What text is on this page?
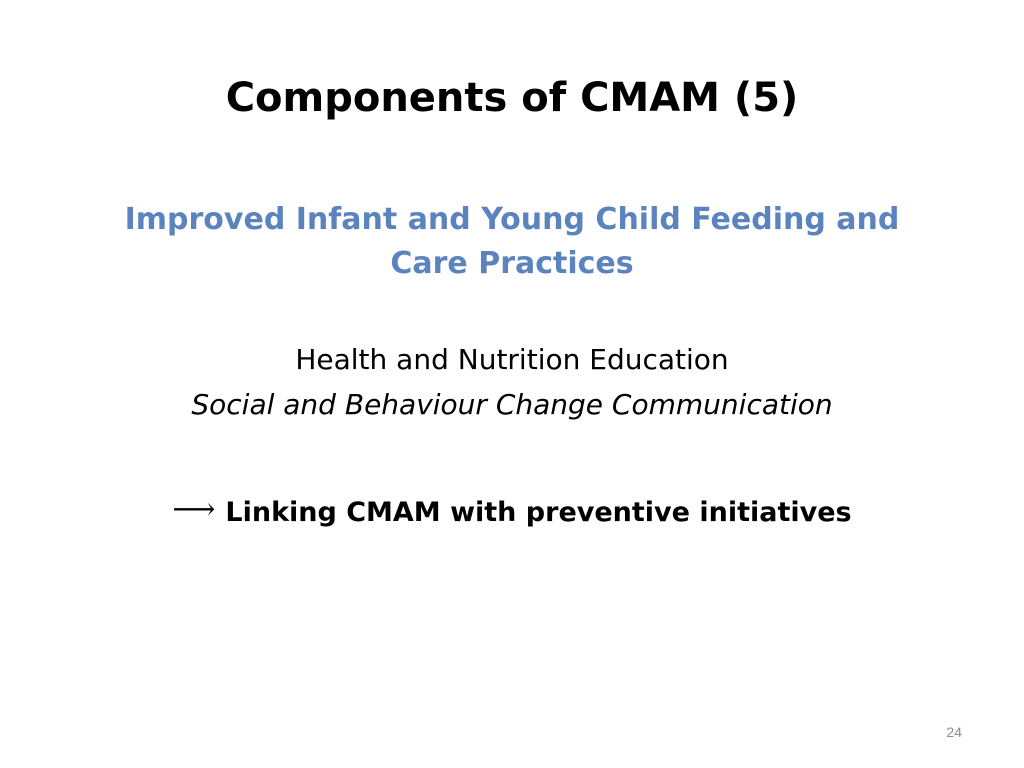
Components of CMAM (5)
Improved Infant and Young Child Feeding and Care Practices
Health and Nutrition Education
Social and Behaviour Change Communication
⟶ Linking CMAM with preventive initiatives
24
